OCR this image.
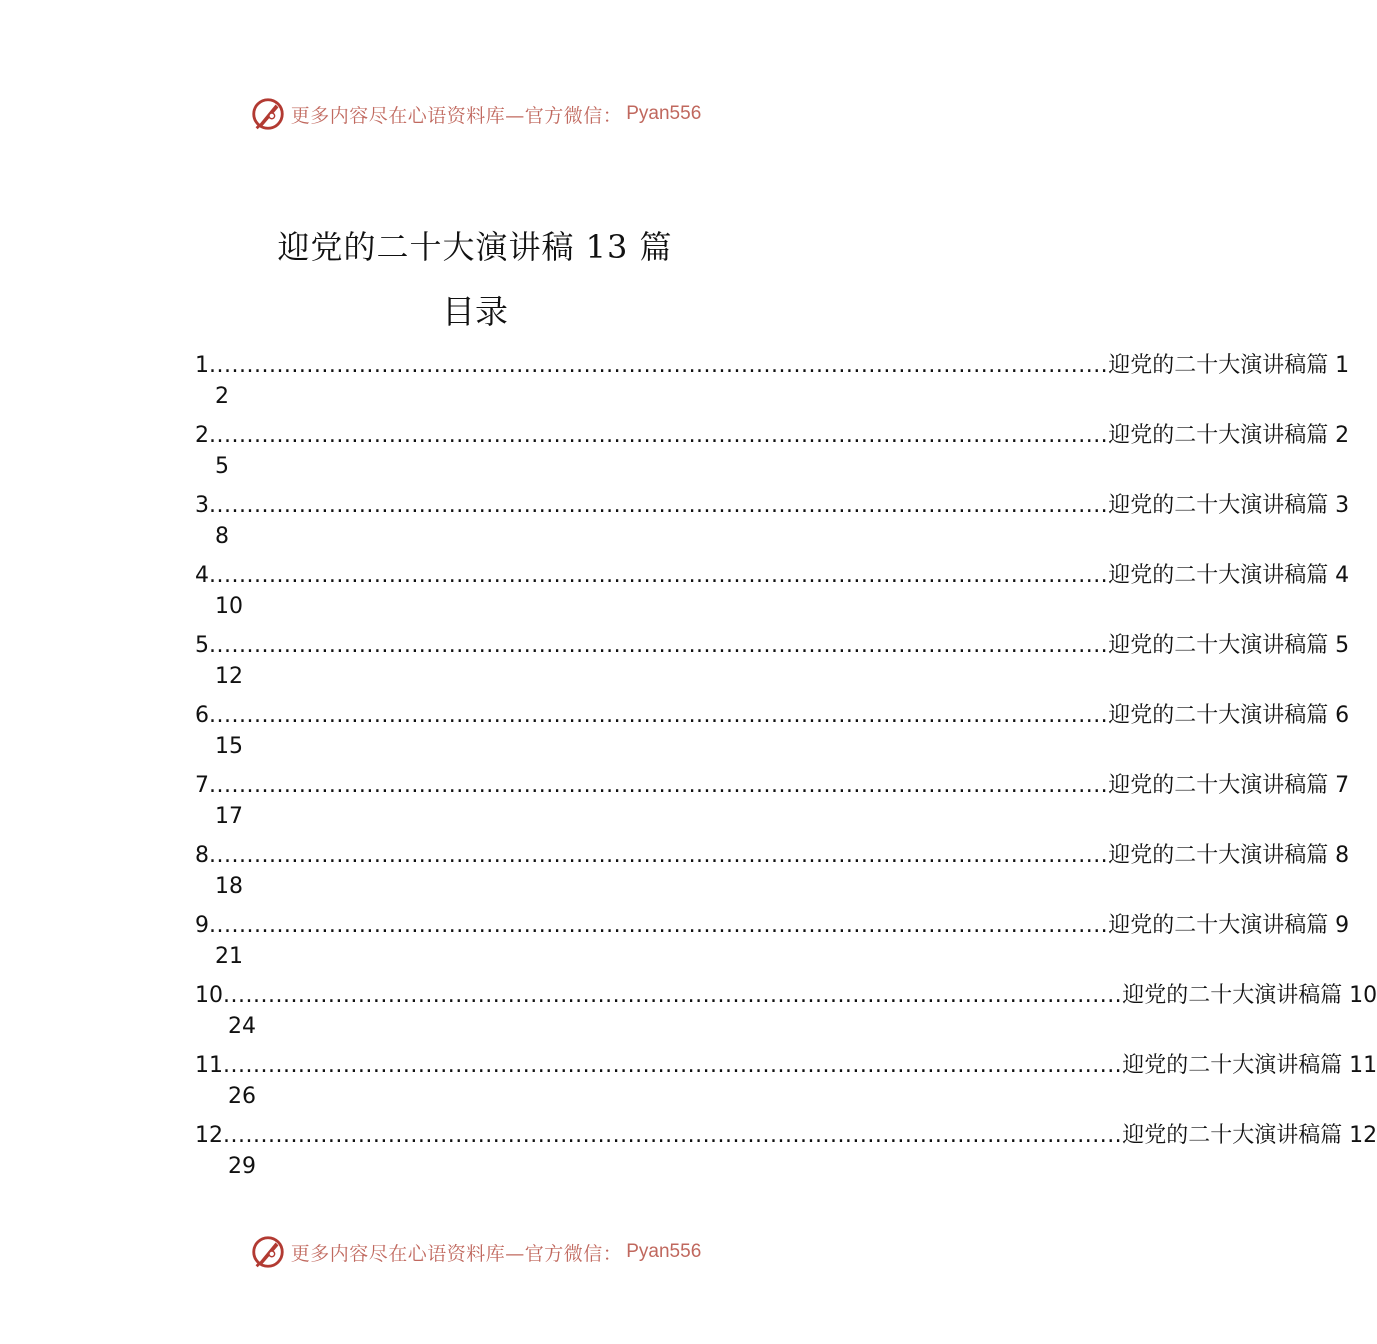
更多内容尽在心语资料库—官方微信： Pyan556
迎党的二十大演讲稿 13 篇
目录
1 ........................................................................................................................ 迎党的二十大演讲稿篇 1
2
2 ........................................................................................................................ 迎党的二十大演讲稿篇 2
5
3 ........................................................................................................................ 迎党的二十大演讲稿篇 3
8
4 ........................................................................................................................ 迎党的二十大演讲稿篇 4
10
5 ........................................................................................................................ 迎党的二十大演讲稿篇 5
12
6 ........................................................................................................................ 迎党的二十大演讲稿篇 6
15
7 ........................................................................................................................ 迎党的二十大演讲稿篇 7
17
8 ........................................................................................................................ 迎党的二十大演讲稿篇 8
18
9 ........................................................................................................................ 迎党的二十大演讲稿篇 9
21
10 ........................................................................................................................ 迎党的二十大演讲稿篇 10
24
11 ........................................................................................................................ 迎党的二十大演讲稿篇 11
26
12 ........................................................................................................................ 迎党的二十大演讲稿篇 12
29
更多内容尽在心语资料库—官方微信： Pyan556
